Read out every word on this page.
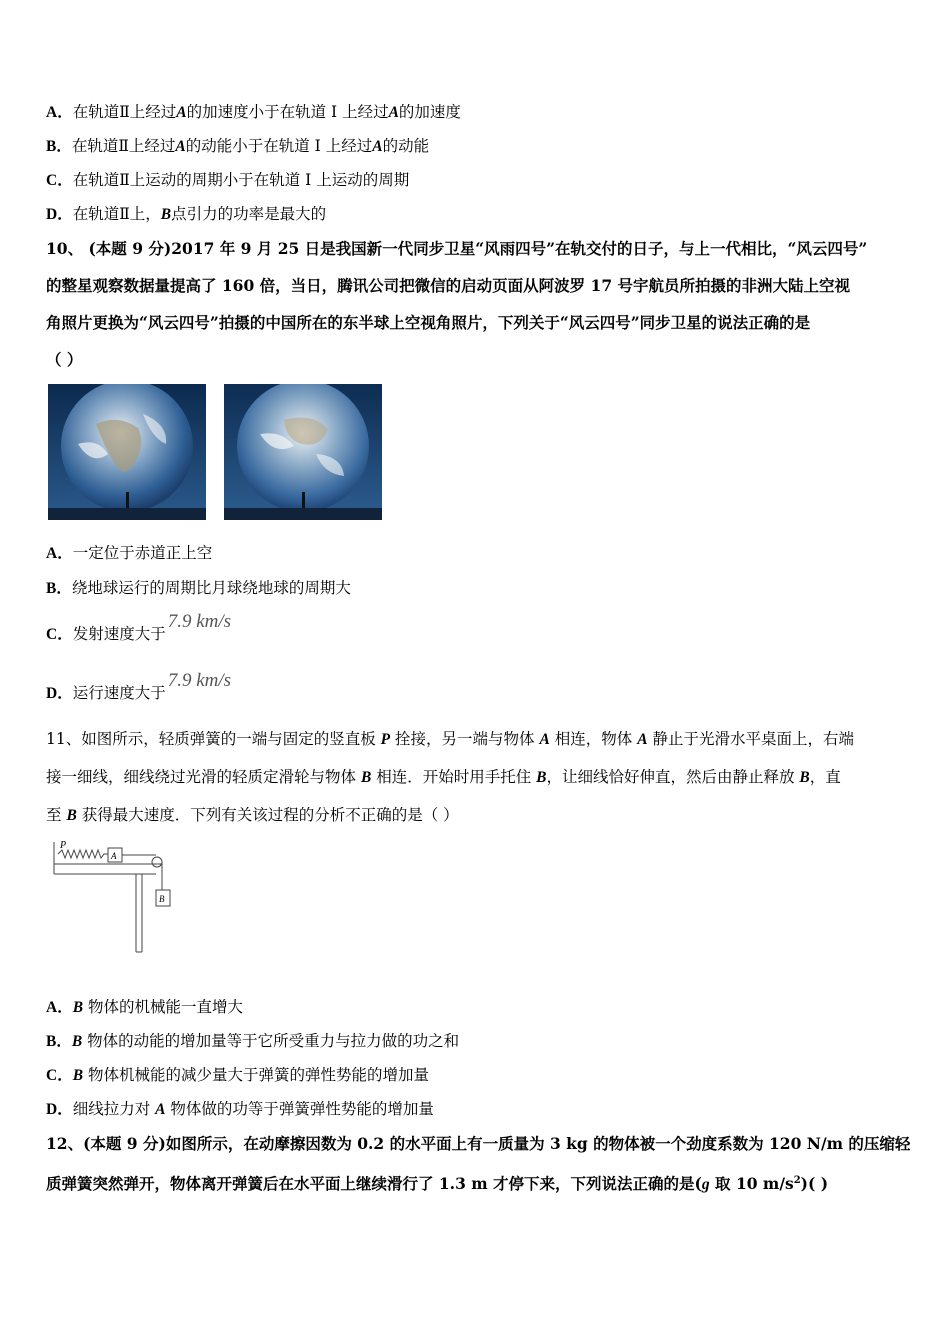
A．在轨道Ⅱ上经过A的加速度小于在轨道 I 上经过A的加速度
B．在轨道Ⅱ上经过A的动能小于在轨道 I 上经过A的动能
C．在轨道Ⅱ上运动的周期小于在轨道 I 上运动的周期
D．在轨道Ⅱ上，B点引力的功率是最大的
10、 (本题 9 分)2017 年 9 月 25 日是我国新一代同步卫星“风雨四号”在轨交付的日子，与上一代相比，“风云四号”
的整星观察数据量提高了 160 倍，当日，腾讯公司把微信的启动页面从阿波罗 17 号宇航员所拍摄的非洲大陆上空视
角照片更换为“风云四号”拍摄的中国所在的东半球上空视角照片，下列关于“风云四号”同步卫星的说法正确的是
（ ）
A．一定位于赤道正上空
B．绕地球运行的周期比月球绕地球的周期大
C．发射速度大于7.9 km/s
D．运行速度大于7.9 km/s
11、如图所示，轻质弹簧的一端与固定的竖直板 P 拴接，另一端与物体 A 相连，物体 A 静止于光滑水平桌面上，右端
接一细线，细线绕过光滑的轻质定滑轮与物体 B 相连．开始时用手托住 B，让细线恰好伸直，然后由静止释放 B，直
至 B 获得最大速度．下列有关该过程的分析不正确的是（ ）
P
A
B
A．B 物体的机械能一直增大
B．B 物体的动能的增加量等于它所受重力与拉力做的功之和
C．B 物体机械能的减少量大于弹簧的弹性势能的增加量
D．细线拉力对 A 物体做的功等于弹簧弹性势能的增加量
12、(本题 9 分)如图所示，在动摩擦因数为 0.2 的水平面上有一质量为 3 kg 的物体被一个劲度系数为 120 N/m 的压缩轻
质弹簧突然弹开，物体离开弹簧后在水平面上继续滑行了 1.3 m 才停下来，下列说法正确的是(g 取 10 $m/s^2$)( )
